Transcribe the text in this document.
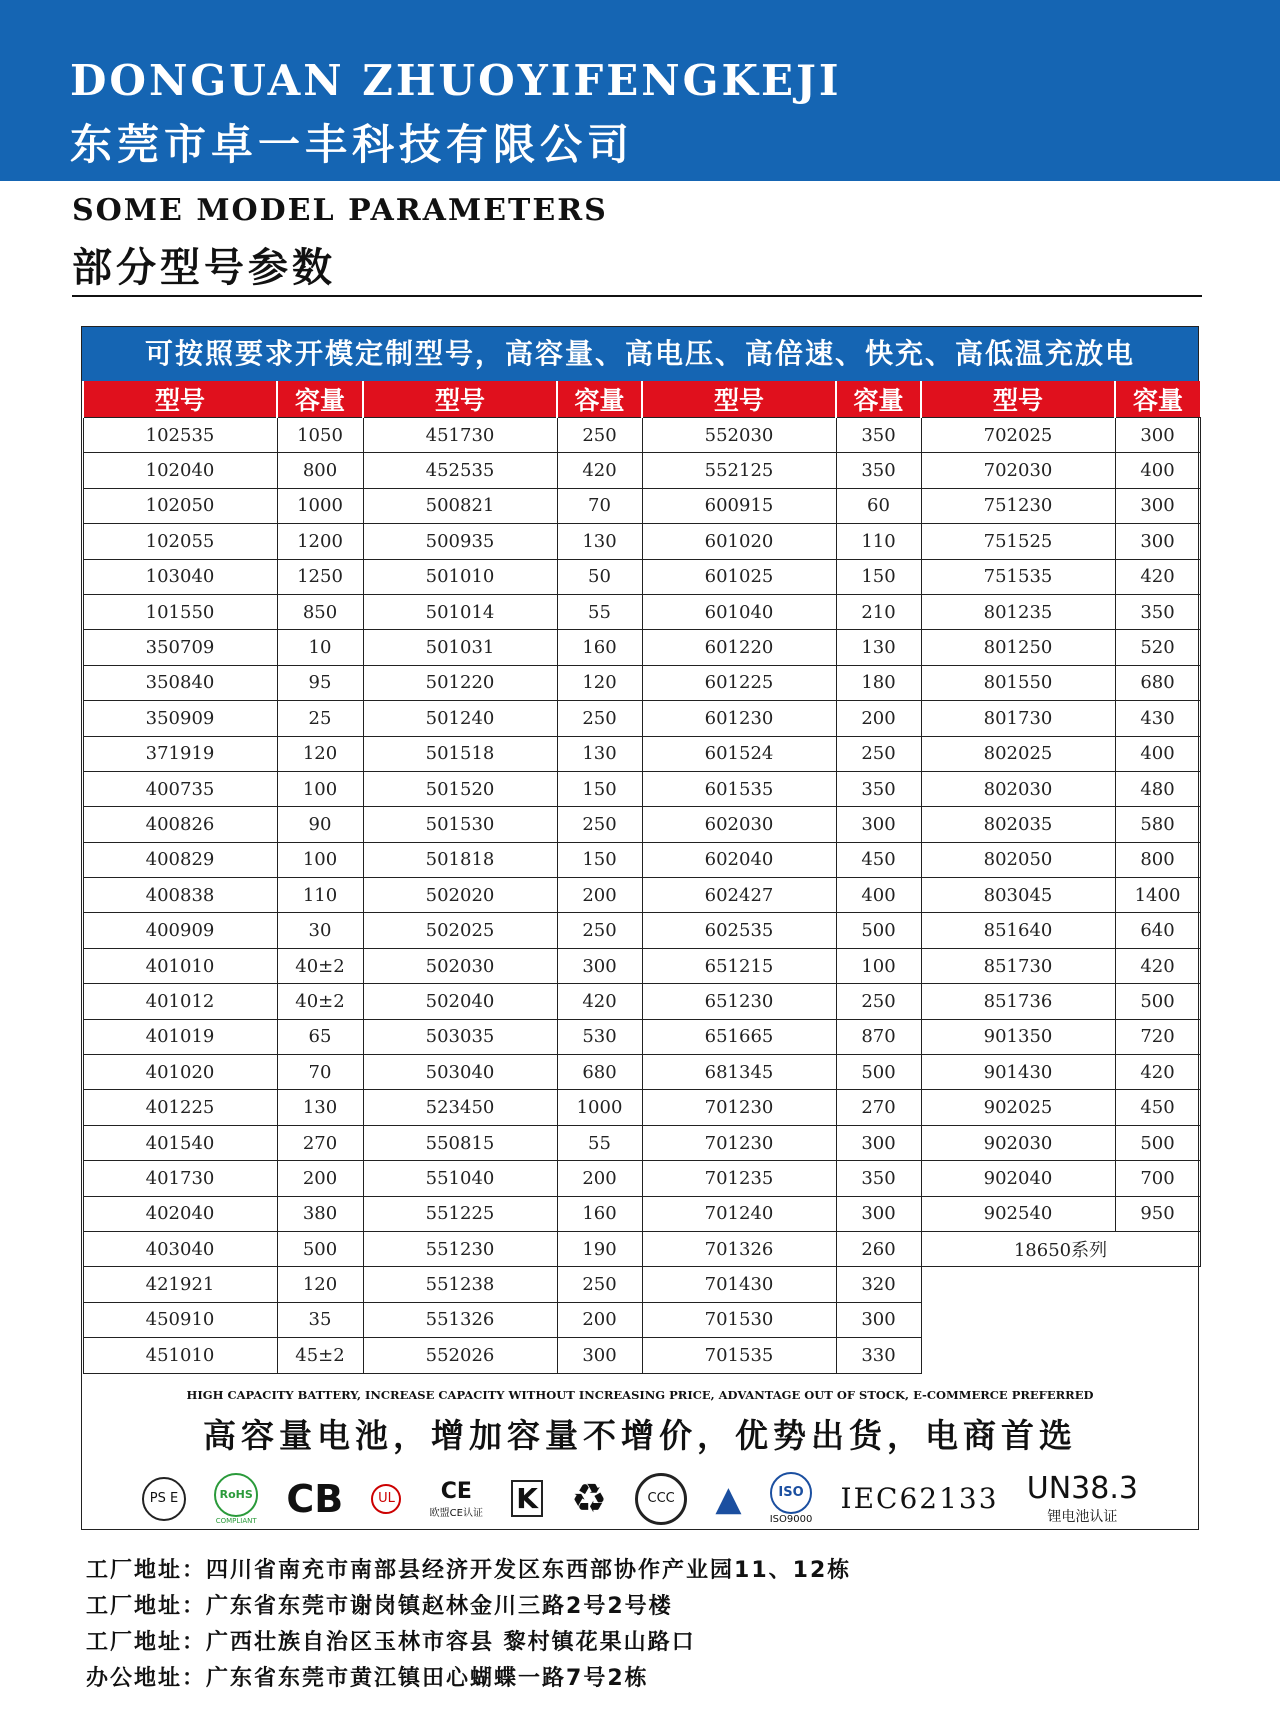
DONGUAN ZHUOYIFENGKEJI
东莞市卓一丰科技有限公司
SOME MODEL PARAMETERS
部分型号参数
可按照要求开模定制型号，高容量、高电压、高倍速、快充、高低温充放电
型号	容量	型号	容量	型号	容量	型号	容量
102535	1050	451730	250	552030	350	702025	300
102040	800	452535	420	552125	350	702030	400
102050	1000	500821	70	600915	60	751230	300
102055	1200	500935	130	601020	110	751525	300
103040	1250	501010	50	601025	150	751535	420
101550	850	501014	55	601040	210	801235	350
350709	10	501031	160	601220	130	801250	520
350840	95	501220	120	601225	180	801550	680
350909	25	501240	250	601230	200	801730	430
371919	120	501518	130	601524	250	802025	400
400735	100	501520	150	601535	350	802030	480
400826	90	501530	250	602030	300	802035	580
400829	100	501818	150	602040	450	802050	800
400838	110	502020	200	602427	400	803045	1400
400909	30	502025	250	602535	500	851640	640
401010	40±2	502030	300	651215	100	851730	420
401012	40±2	502040	420	651230	250	851736	500
401019	65	503035	530	651665	870	901350	720
401020	70	503040	680	681345	500	901430	420
401225	130	523450	1000	701230	270	902025	450
401540	270	550815	55	701230	300	902030	500
401730	200	551040	200	701235	350	902040	700
402040	380	551225	160	701240	300	902540	950
403040	500	551230	190	701326	260	18650系列	
421921	120	551238	250	701430	320		
450910	35	551326	200	701530	300		
451010	45±2	552026	300	701535	330		
HIGH CAPACITY BATTERY, INCREASE CAPACITY WITHOUT INCREASING PRICE, ADVANTAGE OUT OF STOCK, E-COMMERCE PREFERRED
高容量电池，增加容量不增价，优势出货，电商首选
PS E	RoHS
COMPLIANT CB	UL	CE
欧盟CE认证 K ♻	CCC	▲	ISO
ISO9000
IEC62133 UN38.3
锂电池认证
工厂地址：四川省南充市南部县经济开发区东西部协作产业园11、12栋
工厂地址：广东省东莞市谢岗镇赵林金川三路2号2号楼
工厂地址：广西壮族自治区玉林市容县 黎村镇花果山路口
办公地址：广东省东莞市黄江镇田心蝴蝶一路7号2栋
